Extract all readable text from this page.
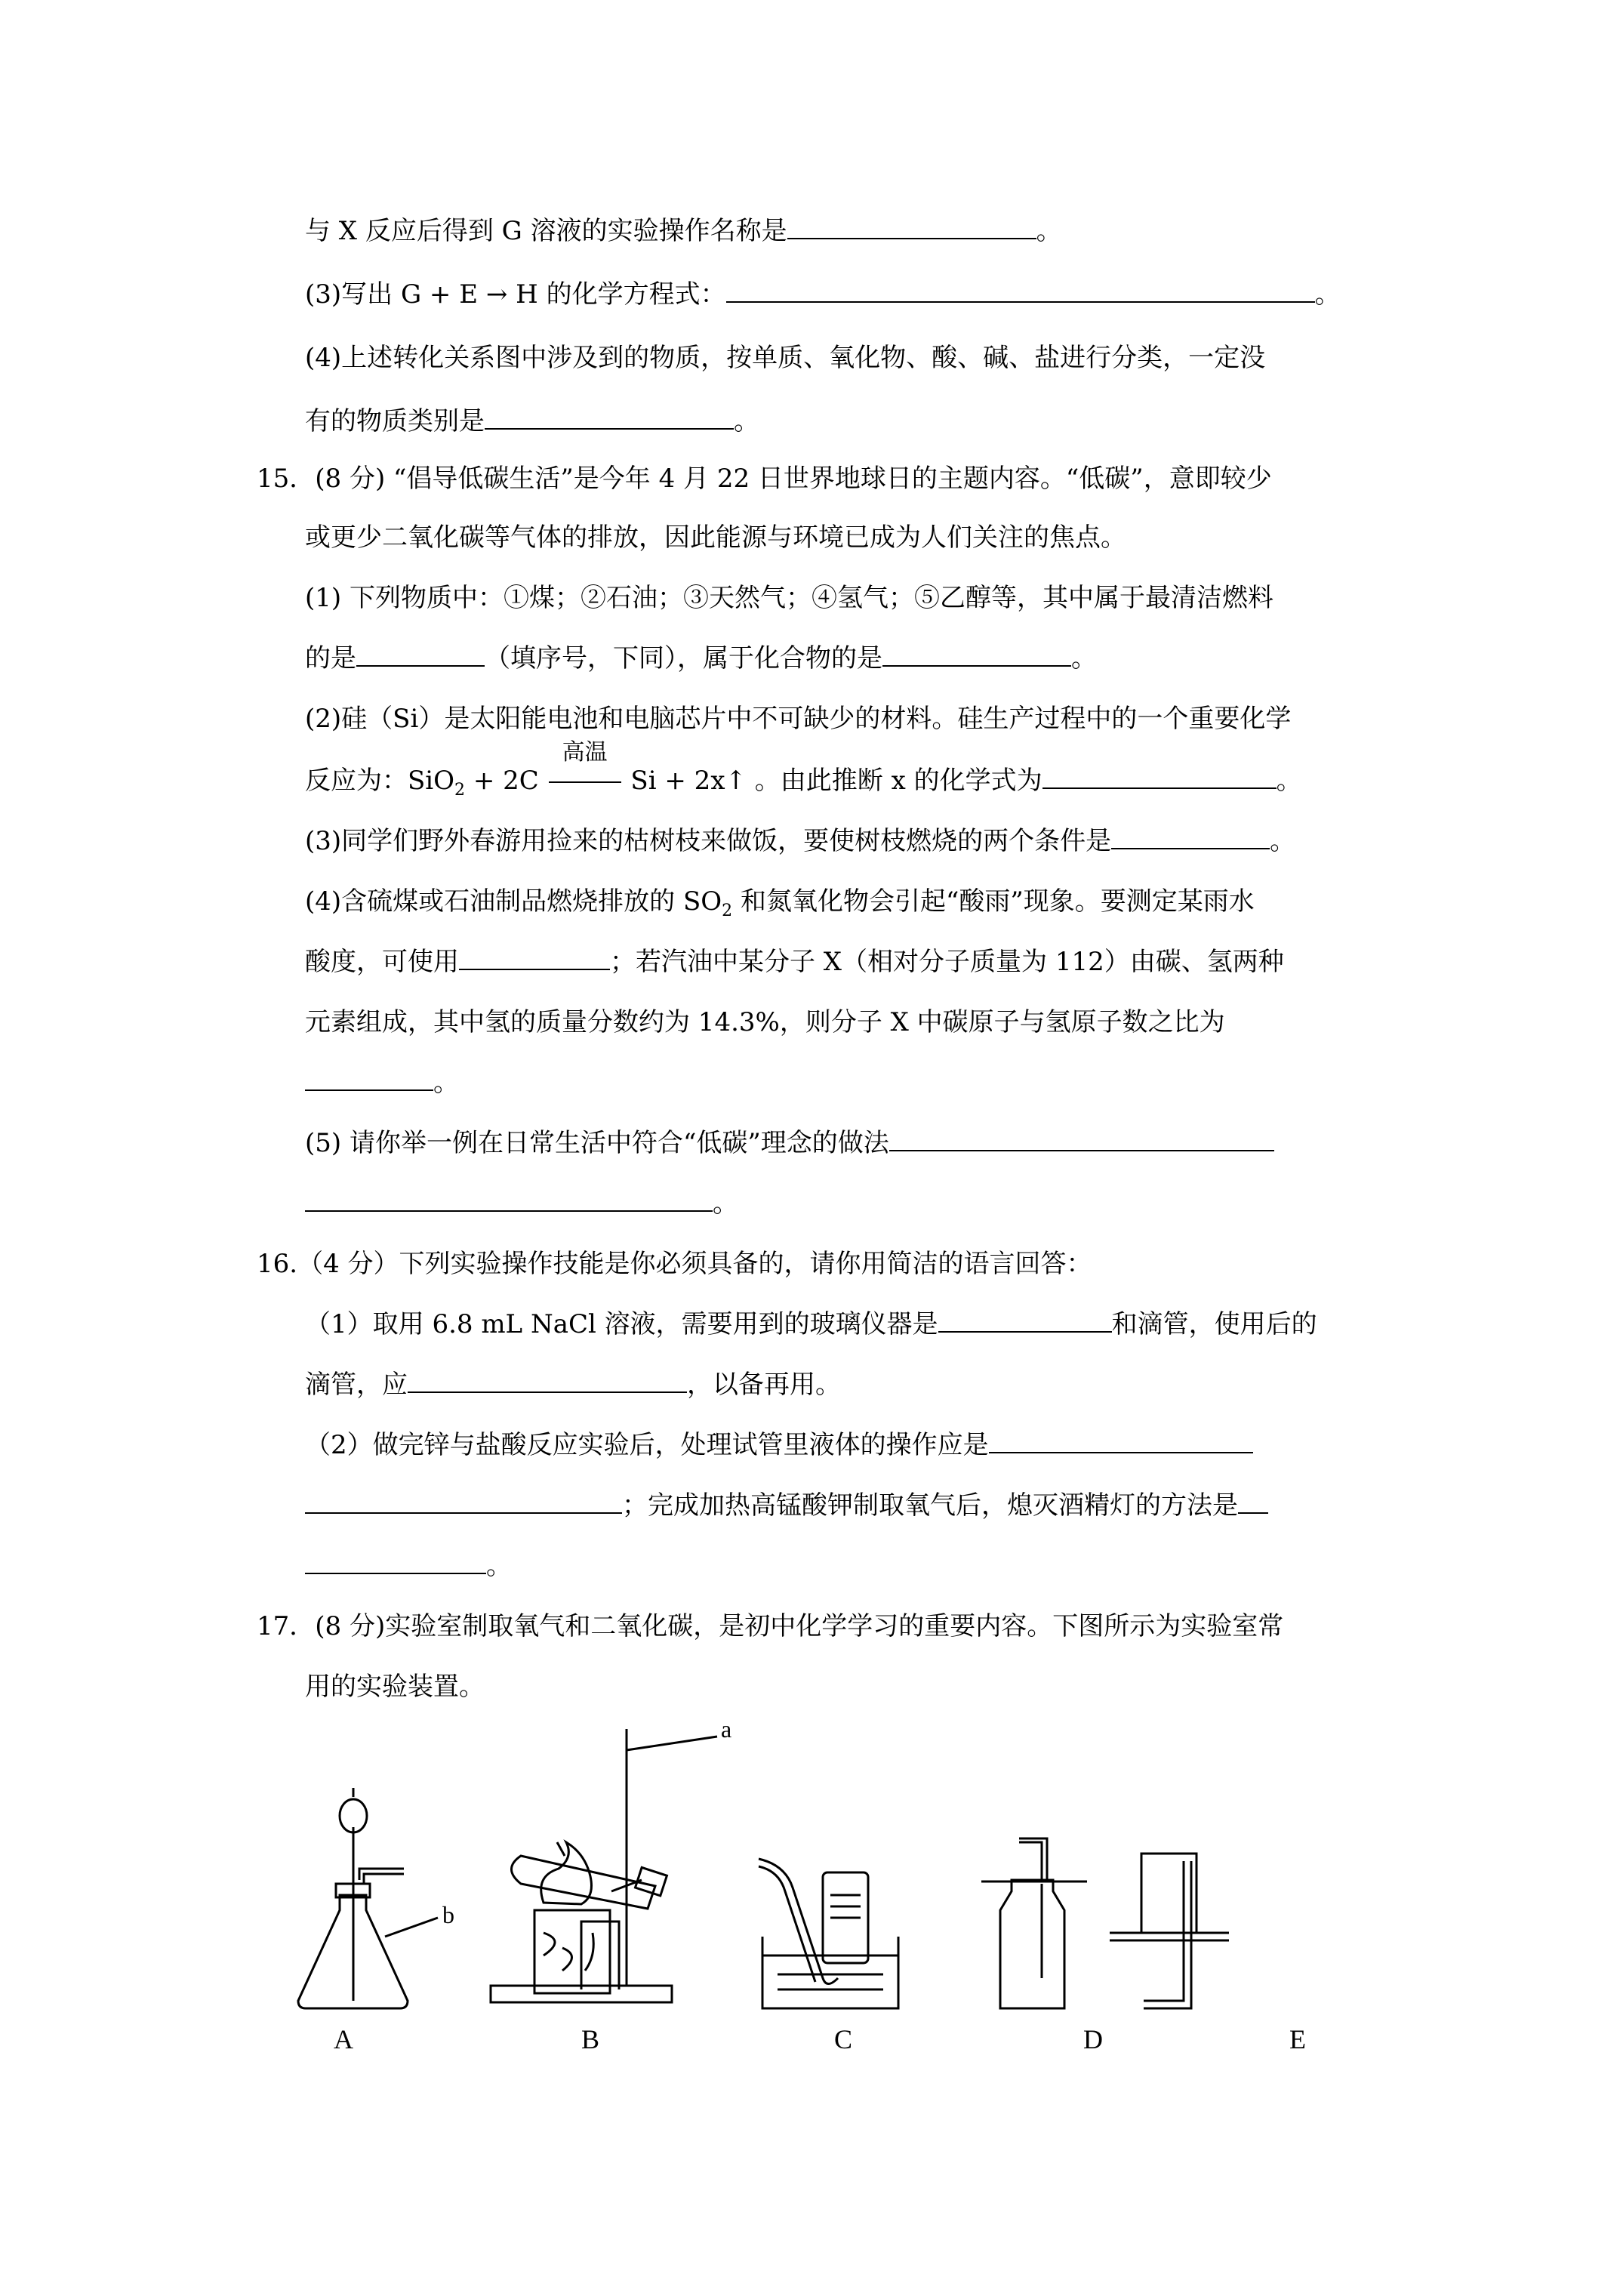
与 X 反应后得到 G 溶液的实验操作名称是	。
(3)写出 G + E → H 的化学方程式：	。
(4)上述转化关系图中涉及到的物质，按单质、氧化物、酸、碱、盐进行分类，一定没
有的物质类别是	。
15．(8 分) “倡导低碳生活”是今年 4 月 22 日世界地球日的主题内容。“低碳”，意即较少
或更少二氧化碳等气体的排放，因此能源与环境已成为人们关注的焦点。
(1) 下列物质中：①煤；②石油；③天然气；④氢气；⑤乙醇等，其中属于最清洁燃料
的是	（填序号，下同），属于化合物的是	。
(2)硅（Si）是太阳能电池和电脑芯片中不可缺少的材料。硅生产过程中的一个重要化学
反应为：SiO$_2$ + 2C
高温
Si + 2x↑ 。由此推断 x 的化学式为	。
(3)同学们野外春游用捡来的枯树枝来做饭，要使树枝燃烧的两个条件是	。
(4)含硫煤或石油制品燃烧排放的 $SO_2$ 和氮氧化物会引起“酸雨”现象。要测定某雨水
酸度，可使用	；若汽油中某分子 X（相对分子质量为 112）由碳、氢两种
元素组成，其中氢的质量分数约为 14.3%，则分子 X 中碳原子与氢原子数之比为
。
(5) 请你举一例在日常生活中符合“低碳”理念的做法
。
16.（4 分）下列实验操作技能是你必须具备的，请你用简洁的语言回答：
（1）取用 6.8 mL NaCl 溶液，需要用到的玻璃仪器是	和滴管，使用后的
滴管，应	，以备再用。
（2）做完锌与盐酸反应实验后，处理试管里液体的操作应是
；完成加热高锰酸钾制取氧气后，熄灭酒精灯的方法是
。
17．(8 分)实验室制取氧气和二氧化碳，是初中化学学习的重要内容。下图所示为实验室常
用的实验装置。
A	B	C	D	E
a
b
